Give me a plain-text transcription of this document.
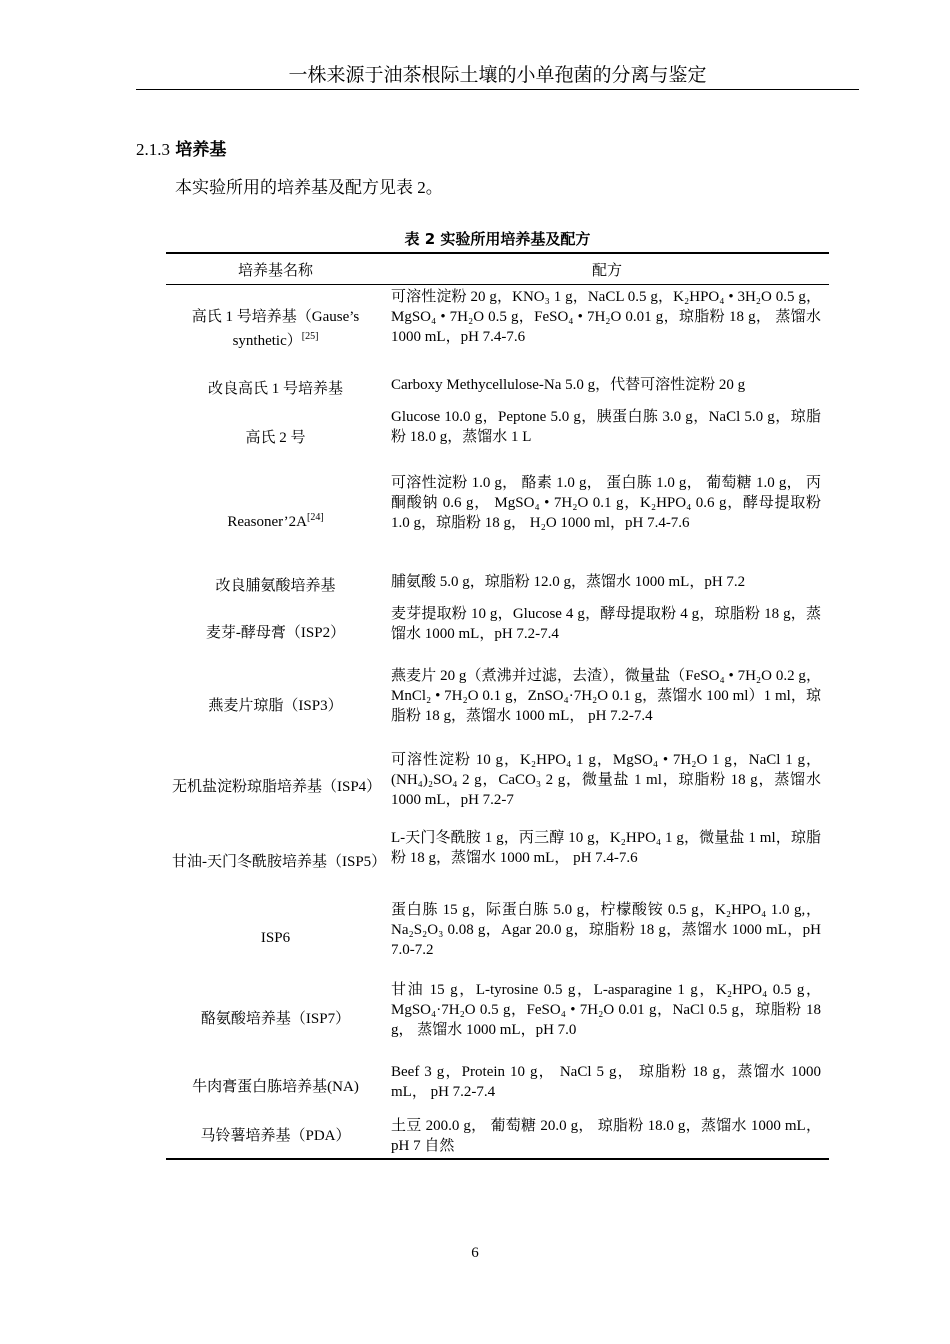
一株来源于油茶根际土壤的小单孢菌的分离与鉴定
2.1.3 培养基
本实验所用的培养基及配方见表 2。
表 2 实验所用培养基及配方
培养基名称	配方
高氏 1 号培养基（Gause’s synthetic）[25]	可溶性淀粉 20 g，KNO₃ 1 g，NaCL 0.5 g，K₂HPO₄ • 3H₂O 0.5 g，MgSO₄ • 7H₂O 0.5 g，FeSO₄ • 7H₂O 0.01 g，琼脂粉 18 g， 蒸馏水 1000 mL，pH 7.4-7.6
改良高氏 1 号培养基	Carboxy Methycellulose-Na 5.0 g，代替可溶性淀粉 20 g
高氏 2 号	Glucose 10.0 g，Peptone 5.0 g，胰蛋白胨 3.0 g，NaCl 5.0 g，琼脂粉 18.0 g，蒸馏水 1 L
Reasoner’2A[24]	可溶性淀粉 1.0 g， 酪素 1.0 g， 蛋白胨 1.0 g， 葡萄糖 1.0 g， 丙酮酸钠 0.6 g， MgSO₄ • 7H₂O 0.1 g，K₂HPO₄ 0.6 g，酵母提取粉 1.0 g，琼脂粉 18 g， H₂O 1000 ml，pH 7.4-7.6
改良脯氨酸培养基	脯氨酸 5.0 g，琼脂粉 12.0 g，蒸馏水 1000 mL，pH 7.2
麦芽-酵母膏（ISP2）	麦芽提取粉 10 g，Glucose 4 g，酵母提取粉 4 g，琼脂粉 18 g，蒸馏水 1000 mL，pH 7.2-7.4
燕麦片琼脂（ISP3）	燕麦片 20 g（煮沸并过滤，去渣），微量盐（FeSO₄ • 7H₂O 0.2 g，MnCl₂ • 7H₂O 0.1 g，ZnSO₄·7H₂O 0.1 g，蒸馏水 100 ml）1 ml，琼脂粉 18 g，蒸馏水 1000 mL， pH 7.2-7.4
无机盐淀粉琼脂培养基（ISP4）	可溶性淀粉 10 g，K₂HPO₄ 1 g，MgSO₄ • 7H₂O 1 g，NaCl 1 g，(NH₄)₂SO₄ 2 g，CaCO₃ 2 g，微量盐 1 ml，琼脂粉 18 g，蒸馏水 1000 mL，pH 7.2-7
甘油-天门冬酰胺培养基（ISP5）	L-天门冬酰胺 1 g，丙三醇 10 g，K₂HPO₄ 1 g，微量盐 1 ml，琼脂粉 18 g，蒸馏水 1000 mL， pH 7.4-7.6
ISP6	蛋白胨 15 g，际蛋白胨 5.0 g，柠檬酸铵 0.5 g，K₂HPO₄ 1.0 g,，Na₂S₂O₃ 0.08 g，Agar 20.0 g，琼脂粉 18 g，蒸馏水 1000 mL，pH 7.0-7.2
酪氨酸培养基（ISP7）	甘油 15 g，L-tyrosine 0.5 g，L-asparagine 1 g，K₂HPO₄ 0.5 g，MgSO₄·7H₂O 0.5 g，FeSO₄ • 7H₂O 0.01 g，NaCl 0.5 g，琼脂粉 18 g， 蒸馏水 1000 mL，pH 7.0
牛肉膏蛋白胨培养基(NA)	Beef 3 g，Protein 10 g， NaCl 5 g， 琼脂粉 18 g，蒸馏水 1000 mL， pH 7.2-7.4
马铃薯培养基（PDA）	土豆 200.0 g， 葡萄糖 20.0 g， 琼脂粉 18.0 g，蒸馏水 1000 mL， pH 7 自然
6
